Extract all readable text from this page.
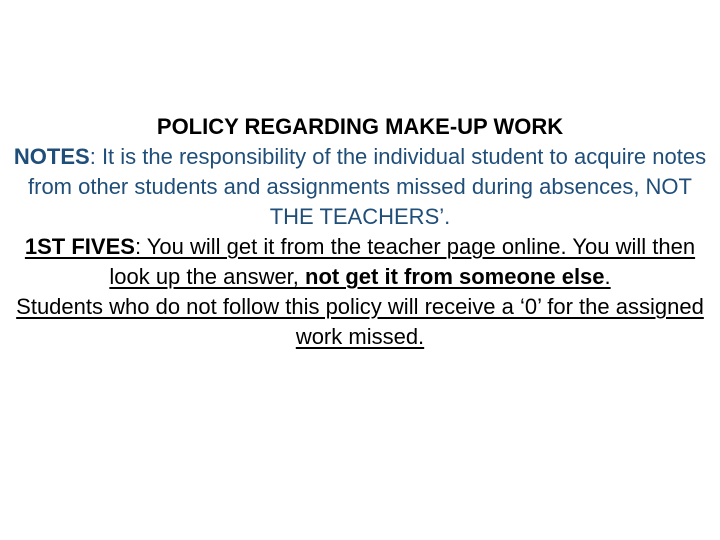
POLICY REGARDING MAKE-UP WORK

NOTES: It is the responsibility of the individual student to acquire notes from other students and assignments missed during absences, NOT THE TEACHERS’.

1ST FIVES: You will get it from the teacher page online. You will then look up the answer, not get it from someone else.

Students who do not follow this policy will receive a ‘0’ for the assigned work missed.
